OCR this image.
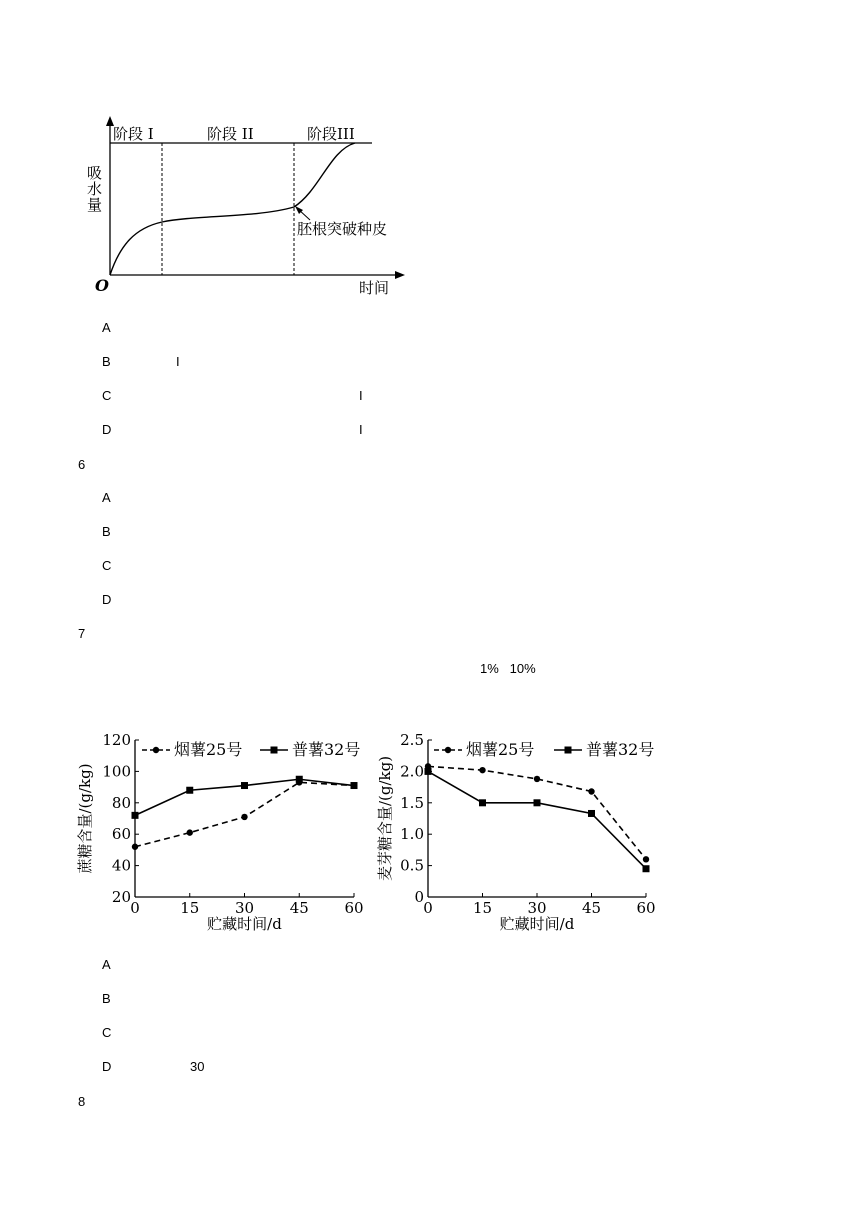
阶段 I	阶段 II	阶段III
吸
水
量
O	时间
胚根突破种皮
A
B	I
C	I
D	I
6
A
B
C
D
7
1%   10%
20
40
60
80
100
120
0	15 30 45 60
贮藏时间/d
蔗糖含量/(g/kg)
烟薯25号	普薯32号
0
0.5
1.0
1.5
2.0
2.5
0	15 30 45 60
贮藏时间/d
麦芽糖含量/(g/kg)
烟薯25号	普薯32号
A
B
C
D	30
8
